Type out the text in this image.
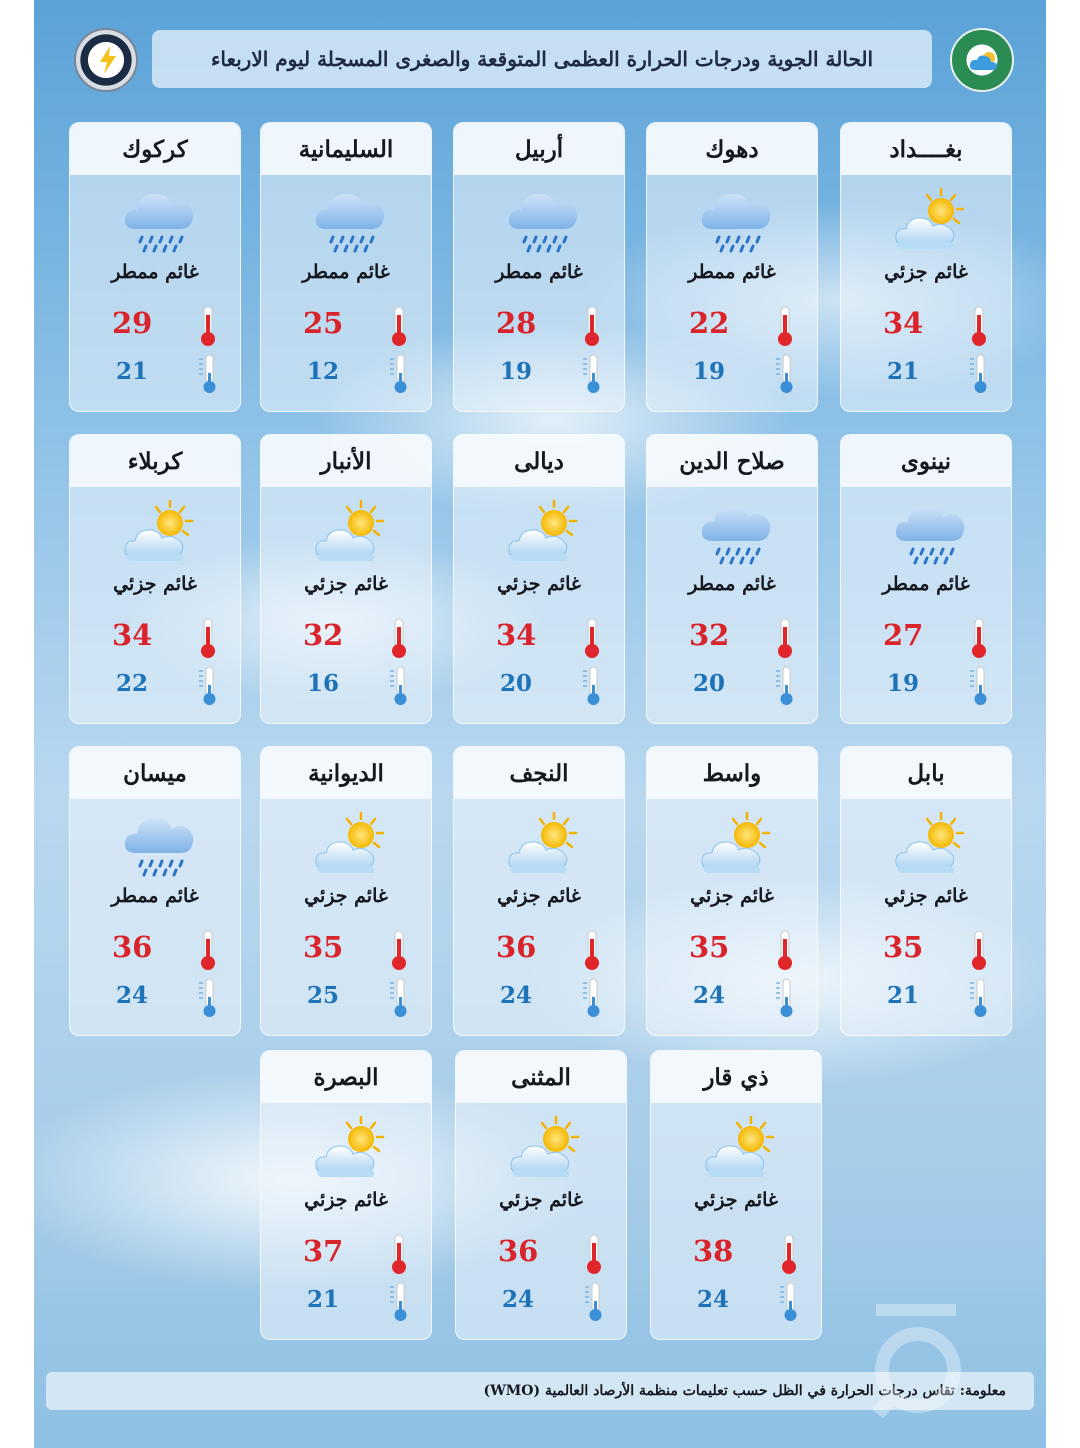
الحالة الجوية ودرجات الحرارة العظمى المتوقعة والصغرى المسجلة ليوم الاربعاء
بغــــداد
غائم جزئي
34
21
دهوك
غائم ممطر
22
19
أربيل
غائم ممطر
28
19
السليمانية
غائم ممطر
25
12
كركوك
غائم ممطر
29
21
نينوى
غائم ممطر
27
19
صلاح الدين
غائم ممطر
32
20
ديالى
غائم جزئي
34
20
الأنبار
غائم جزئي
32
16
كربلاء
غائم جزئي
34
22
بابل
غائم جزئي
35
21
واسط
غائم جزئي
35
24
النجف
غائم جزئي
36
24
الديوانية
غائم جزئي
35
25
ميسان
غائم ممطر
36
24
ذي قار
غائم جزئي
38
24
المثنى
غائم جزئي
36
24
البصرة
غائم جزئي
37
21
معلومة: تقاس درجات الحرارة في الظل حسب تعليمات منظمة الأرصاد العالمية (WMO)
